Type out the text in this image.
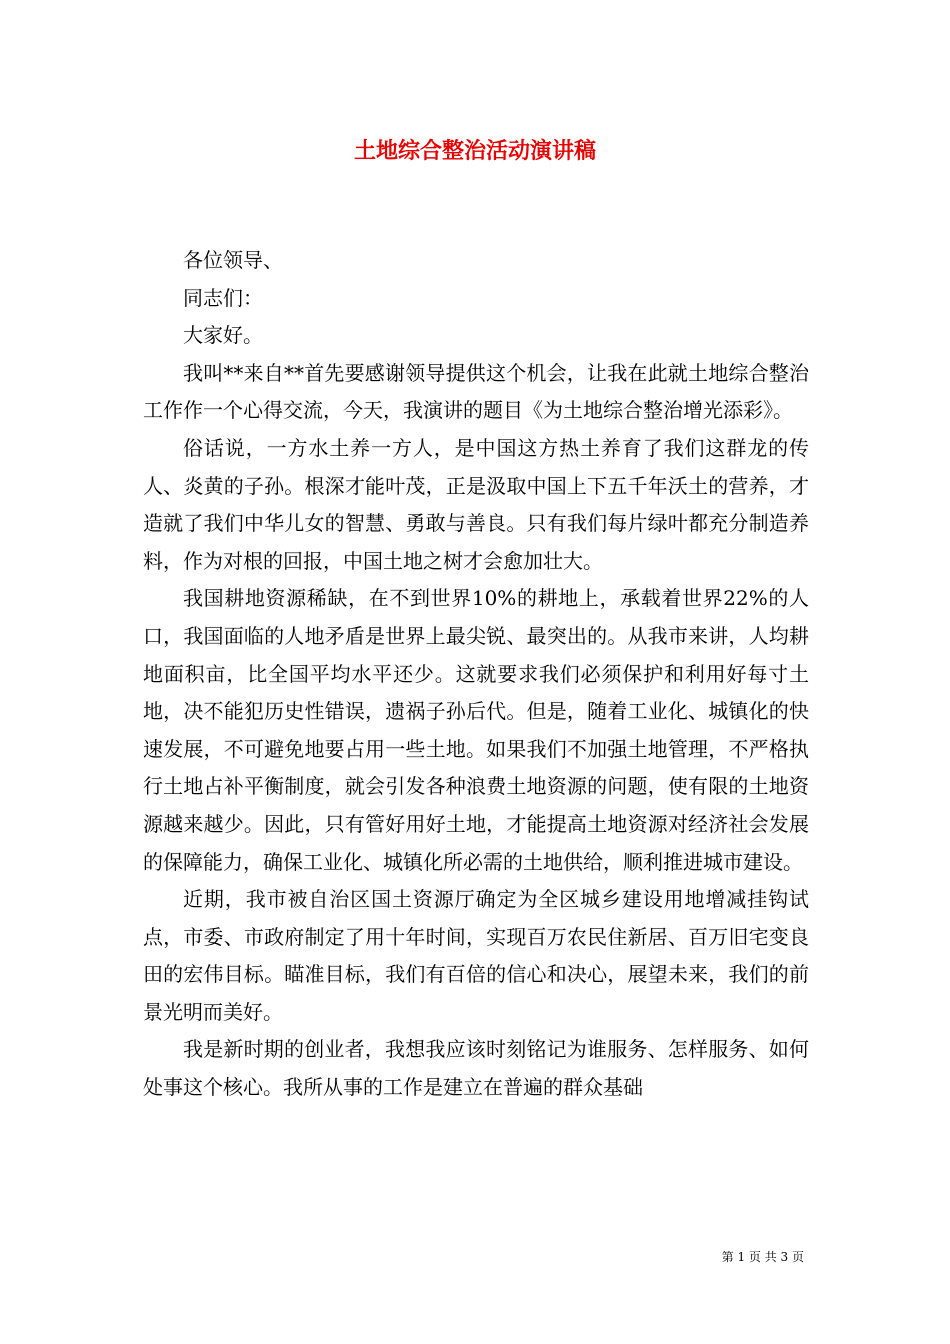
土地综合整治活动演讲稿

各位领导、

同志们：

大家好。

我叫**来自**首先要感谢领导提供这个机会，让我在此就土地综合整治工作作一个心得交流，今天，我演讲的题目《为土地综合整治增光添彩》。

俗话说，一方水土养一方人，是中国这方热土养育了我们这群龙的传人、炎黄的子孙。根深才能叶茂，正是汲取中国上下五千年沃土的营养，才造就了我们中华儿女的智慧、勇敢与善良。只有我们每片绿叶都充分制造养料，作为对根的回报，中国土地之树才会愈加壮大。

我国耕地资源稀缺，在不到世界10%的耕地上，承载着世界22%的人口，我国面临的人地矛盾是世界上最尖锐、最突出的。从我市来讲，人均耕地面积亩，比全国平均水平还少。这就要求我们必须保护和利用好每寸土地，决不能犯历史性错误，遗祸子孙后代。但是，随着工业化、城镇化的快速发展，不可避免地要占用一些土地。如果我们不加强土地管理，不严格执行土地占补平衡制度，就会引发各种浪费土地资源的问题，使有限的土地资源越来越少。因此，只有管好用好土地，才能提高土地资源对经济社会发展的保障能力，确保工业化、城镇化所必需的土地供给，顺利推进城市建设。

近期，我市被自治区国土资源厅确定为全区城乡建设用地增减挂钩试点，市委、市政府制定了用十年时间，实现百万农民住新居、百万旧宅变良田的宏伟目标。瞄准目标，我们有百倍的信心和决心，展望未来，我们的前景光明而美好。

我是新时期的创业者，我想我应该时刻铭记为谁服务、怎样服务、如何处事这个核心。我所从事的工作是建立在普遍的群众基础

第 1 页 共 3 页
